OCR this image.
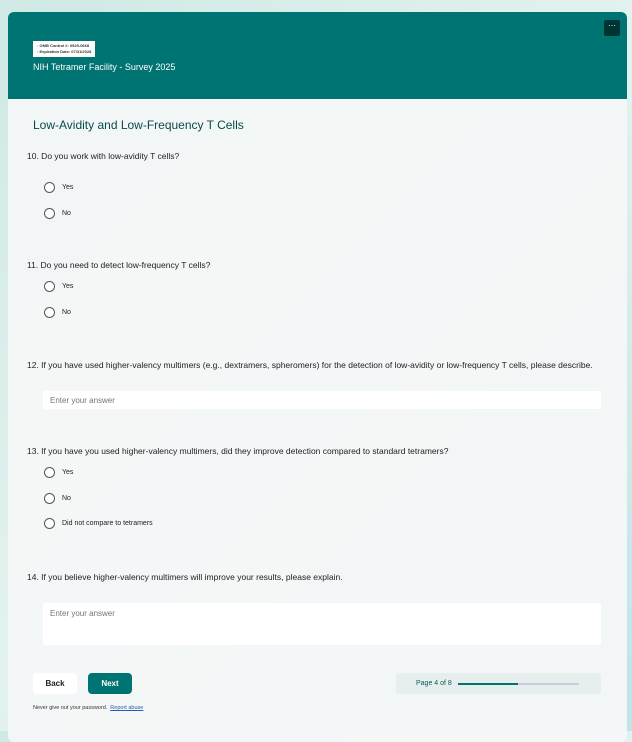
• OMB Control #: 0925-0668
• Expiration Date: 07/31/2028
NIH Tetramer Facility - Survey 2025
···
Low-Avidity and Low-Frequency T Cells
10. Do you work with low-avidity T cells?
Yes
No
11. Do you need to detect low-frequency T cells?
Yes
No
12. If you have used higher-valency multimers (e.g., dextramers, spheromers) for the detection of low-avidity or low-frequency T cells, please describe.
Enter your answer
13. If you have you used higher-valency multimers, did they improve detection compared to standard tetramers?
Yes
No
Did not compare to tetramers
14. If you believe higher-valency multimers will improve your results, please explain.
Enter your answer
Back	Next	Page 4 of 8
Never give out your password. Report abuse
